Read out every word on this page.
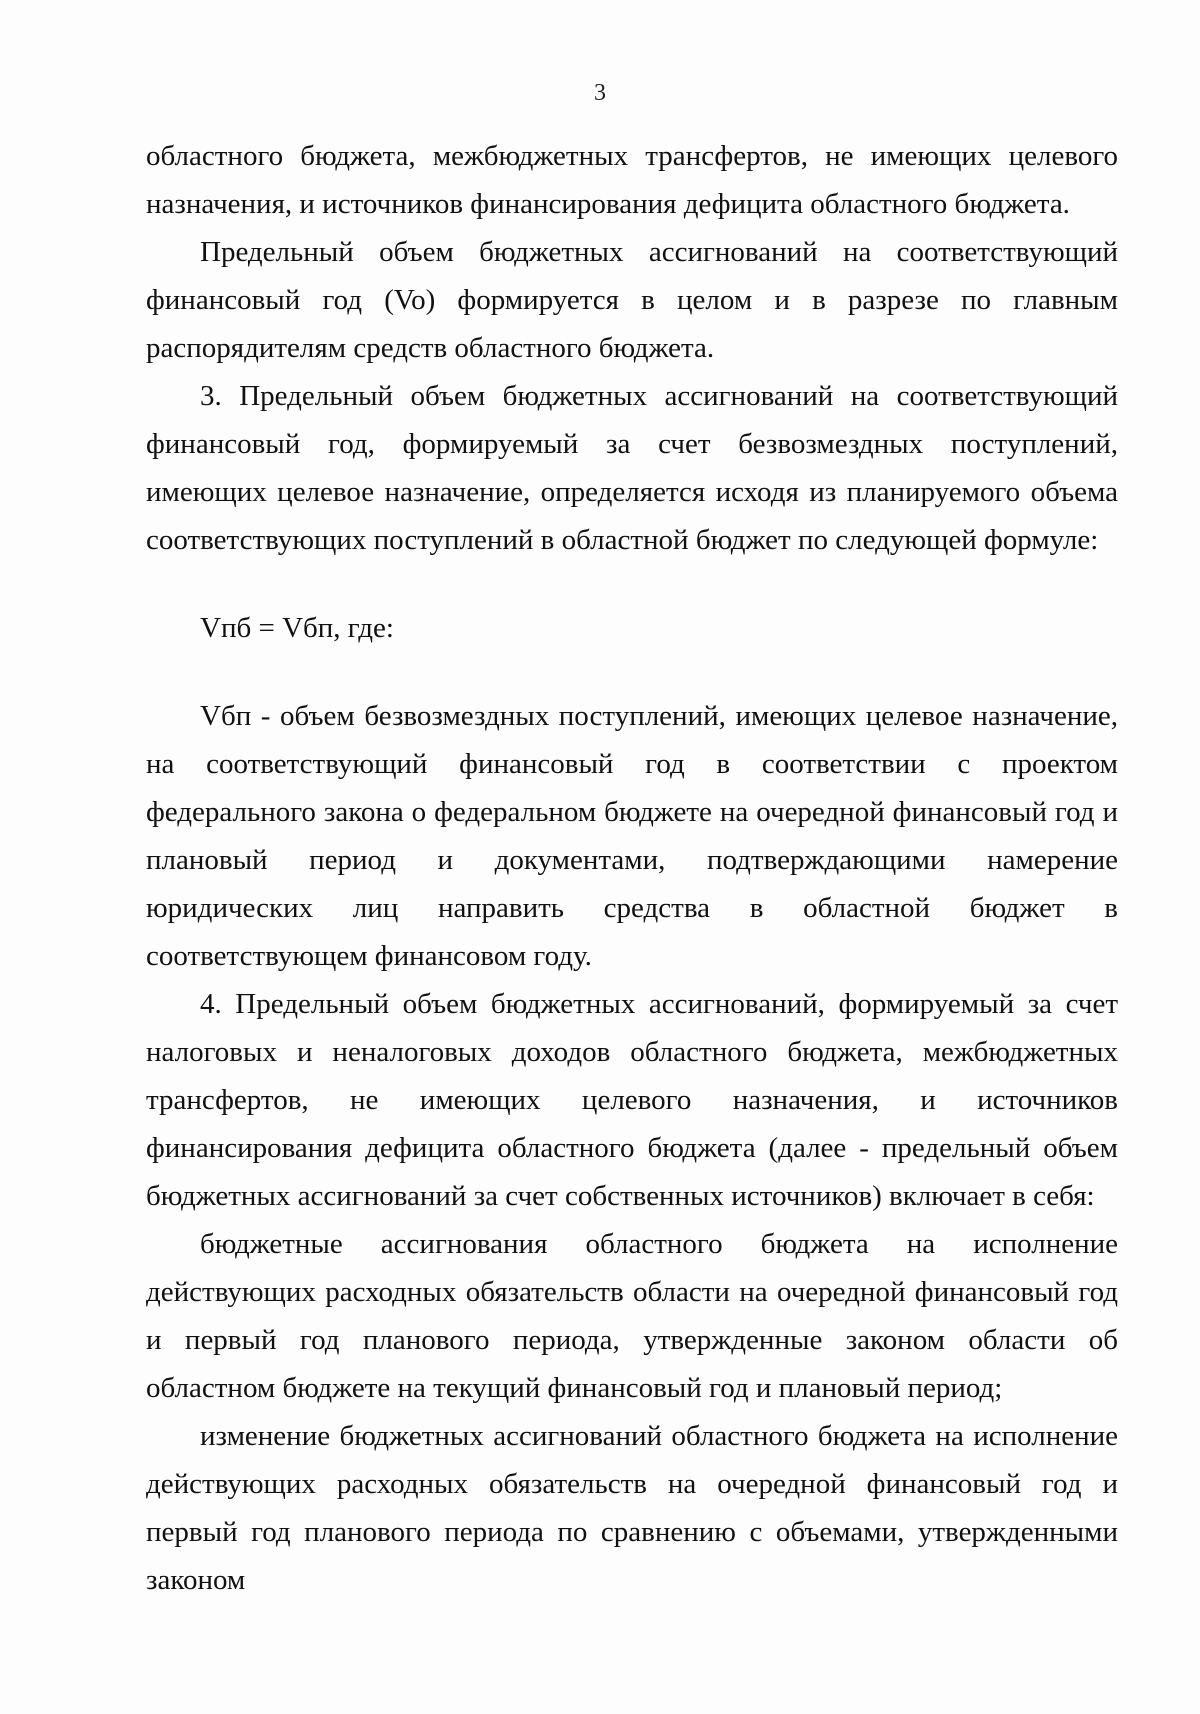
3

областного бюджета, межбюджетных трансфертов, не имеющих целевого назначения, и источников финансирования дефицита областного бюджета.

Предельный объем бюджетных ассигнований на соответствующий финансовый год (Vo) формируется в целом и в разрезе по главным распорядителям средств областного бюджета.

3. Предельный объем бюджетных ассигнований на соответствующий финансовый год, формируемый за счет безвозмездных поступлений, имеющих целевое назначение, определяется исходя из планируемого объема соответствующих поступлений в областной бюджет по следующей формуле:

Vпб = Vбп, где:

Vбп - объем безвозмездных поступлений, имеющих целевое назначение, на соответствующий финансовый год в соответствии с проектом федерального закона о федеральном бюджете на очередной финансовый год и плановый период и документами, подтверждающими намерение юридических лиц направить средства в областной бюджет в соответствующем финансовом году.

4. Предельный объем бюджетных ассигнований, формируемый за счет налоговых и неналоговых доходов областного бюджета, межбюджетных трансфертов, не имеющих целевого назначения, и источников финансирования дефицита областного бюджета (далее - предельный объем бюджетных ассигнований за счет собственных источников) включает в себя:

бюджетные ассигнования областного бюджета на исполнение действующих расходных обязательств области на очередной финансовый год и первый год планового периода, утвержденные законом области об областном бюджете на текущий финансовый год и плановый период;

изменение бюджетных ассигнований областного бюджета на исполнение действующих расходных обязательств на очередной финансовый год и первый год планового периода по сравнению с объемами, утвержденными законом
